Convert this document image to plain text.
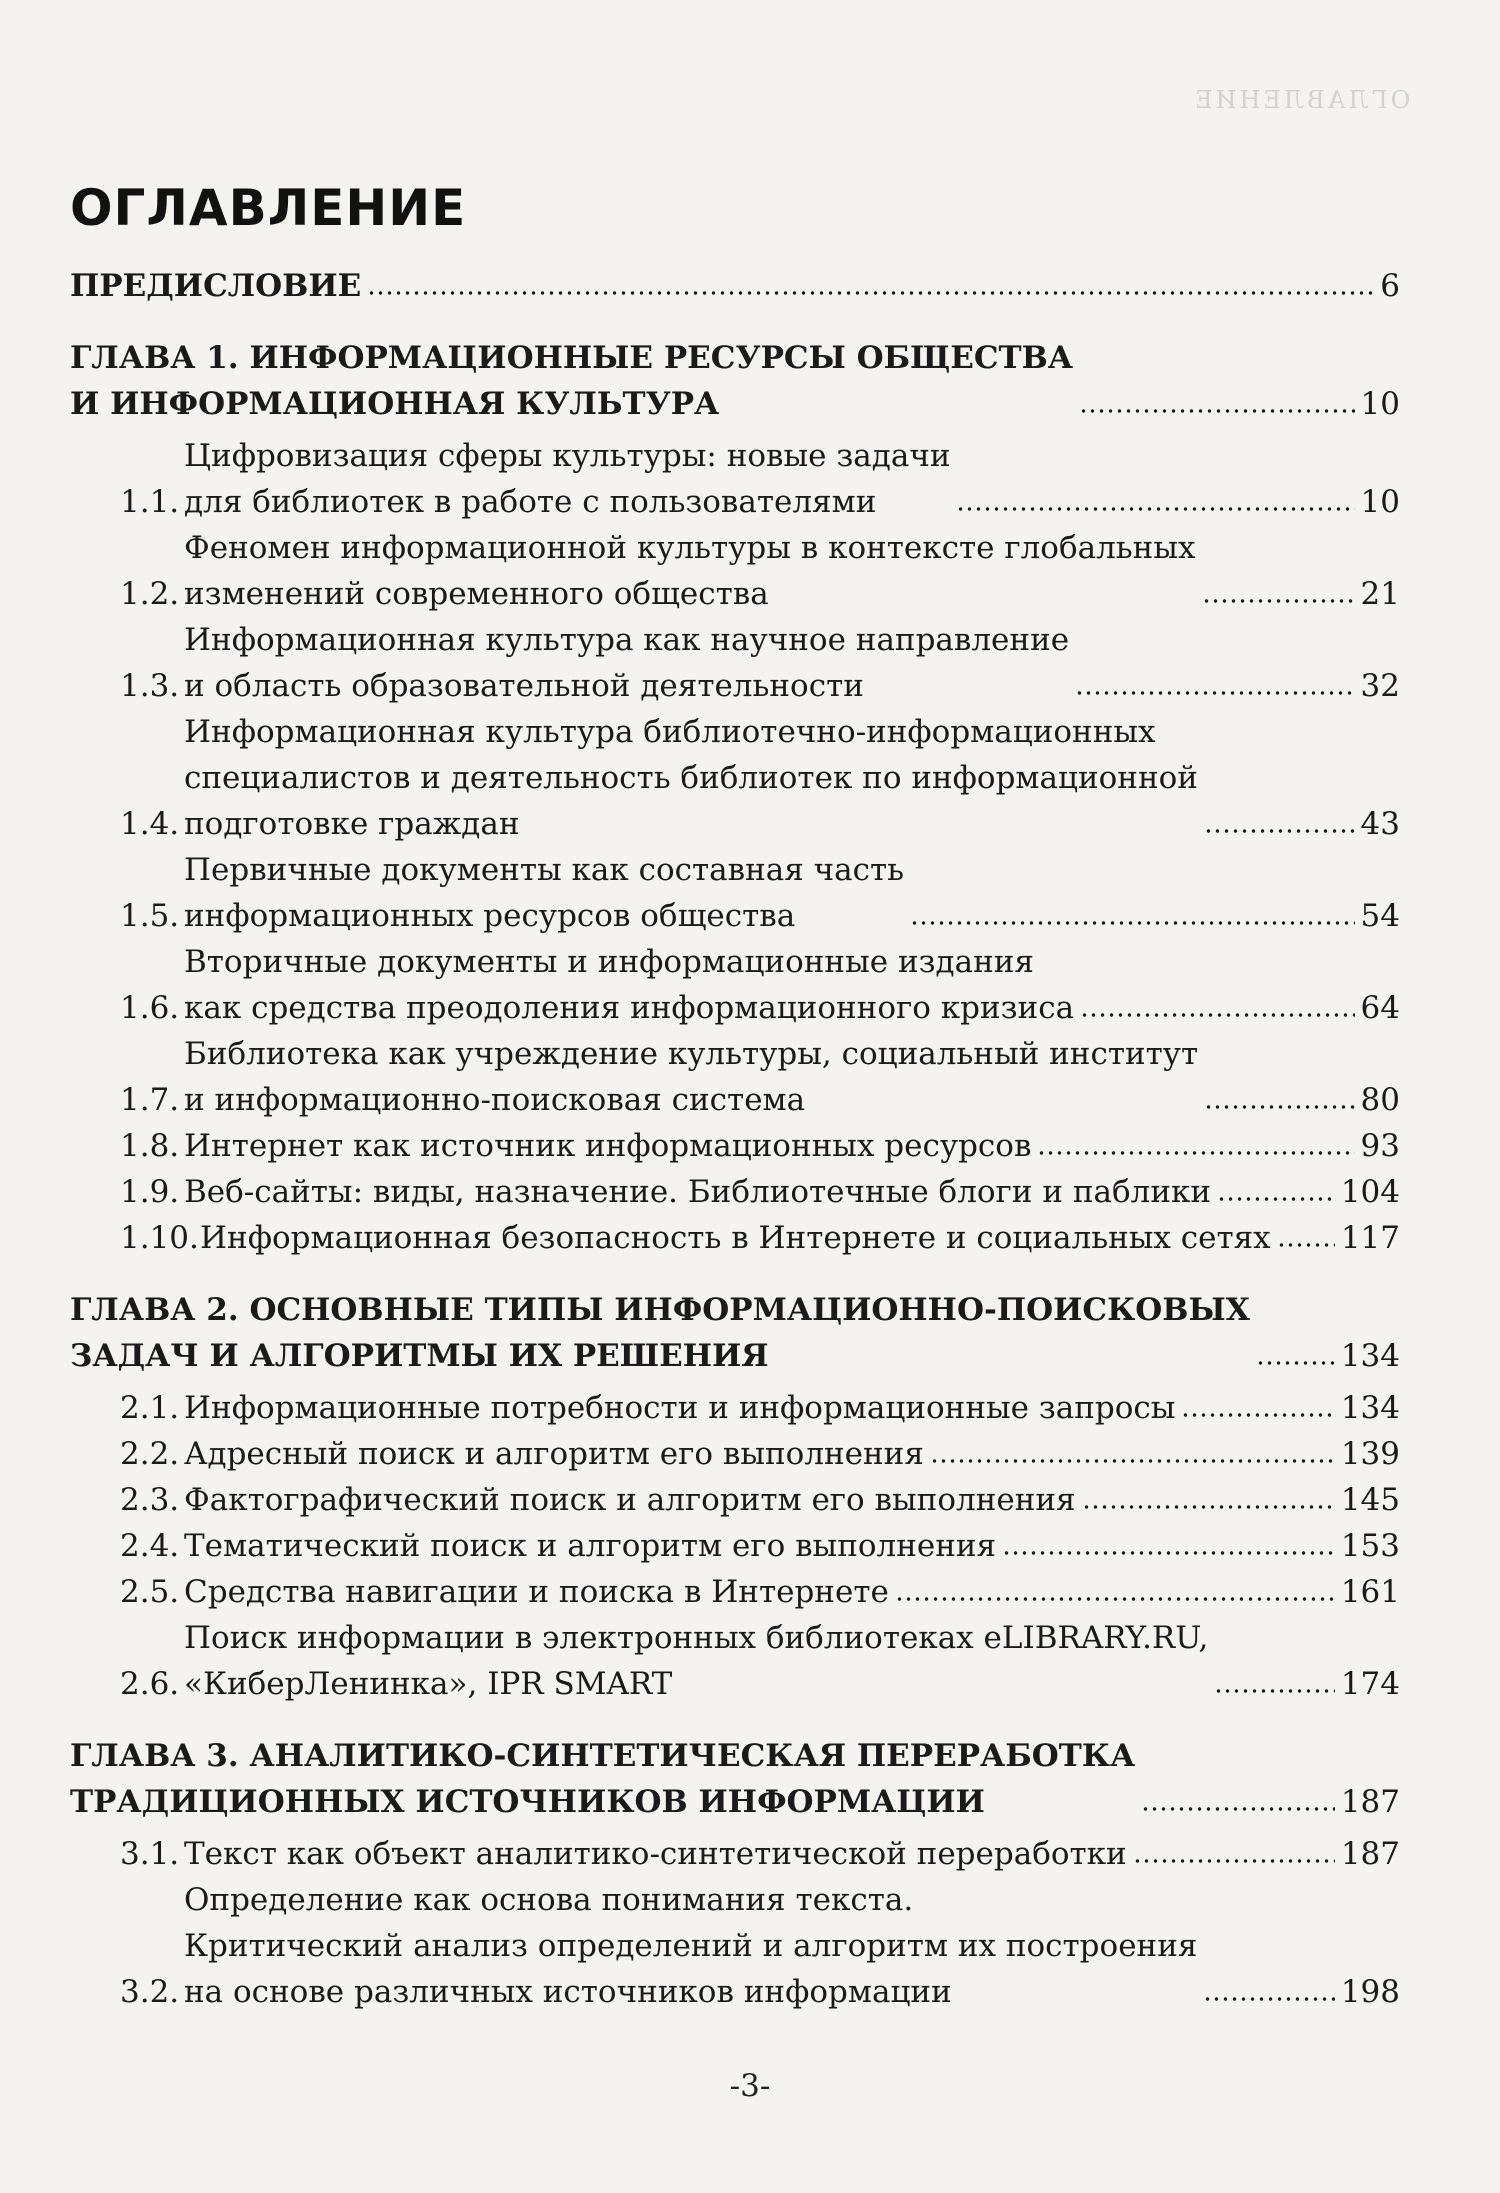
ОГЛАВЛЕНИЕ
ОГЛАВЛЕНИЕ
ПРЕДИСЛОВИЕ	6
ГЛАВА 1. ИНФОРМАЦИОННЫЕ РЕСУРСЫ ОБЩЕСТВА
И ИНФОРМАЦИОННАЯ КУЛЬТУРА	10
1.1.
Цифровизация сферы культуры: новые задачи
для библиотек в работе с пользователями	10
1.2.
Феномен информационной культуры в контексте глобальных
изменений современного общества	21
1.3.
Информационная культура как научное направление
и область образовательной деятельности	32
1.4.
Информационная культура библиотечно-информационных
специалистов и деятельность библиотек по информационной
подготовке граждан	43
1.5.
Первичные документы как составная часть
информационных ресурсов общества	54
1.6.
Вторичные документы и информационные издания
как средства преодоления информационного кризиса	64
1.7.
Библиотека как учреждение культуры, социальный институт
и информационно-поисковая система	80
1.8. Интернет как источник информационных ресурсов	93
1.9. Веб-сайты: виды, назначение. Библиотечные блоги и паблики	104
1.10. Информационная безопасность в Интернете и социальных сетях 117
ГЛАВА 2. ОСНОВНЫЕ ТИПЫ ИНФОРМАЦИОННО-ПОИСКОВЫХ
ЗАДАЧ И АЛГОРИТМЫ ИХ РЕШЕНИЯ	134
2.1. Информационные потребности и информационные запросы	134
2.2. Адресный поиск и алгоритм его выполнения	139
2.3. Фактографический поиск и алгоритм его выполнения	145
2.4. Тематический поиск и алгоритм его выполнения	153
2.5. Средства навигации и поиска в Интернете	161
2.6.
Поиск информации в электронных библиотеках eLIBRARY.RU,
«КиберЛенинка», IPR SMART	174
ГЛАВА 3. АНАЛИТИКО-СИНТЕТИЧЕСКАЯ ПЕРЕРАБОТКА
ТРАДИЦИОННЫХ ИСТОЧНИКОВ ИНФОРМАЦИИ	187
3.1. Текст как объект аналитико-синтетической переработки	187
3.2.
Определение как основа понимания текста.
Критический анализ определений и алгоритм их построения
на основе различных источников информации	198
-3-
